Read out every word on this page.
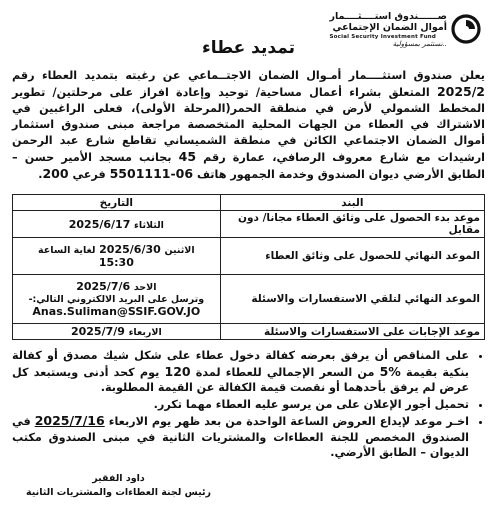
صــــــندوق استــــثــــمار
أموال الضمان الإجتماعي
Social Security Investment Fund
..نستثمر بمسؤولية
تمديد عطاء

يعلن صندوق استثــــمار أمـوال الضمان الاجتــماعي عن رغبته بتمديد العطاء رقم 2025/2 المتعلق بشراء أعمال مساحية/ توحيد وإعادة افراز على مرحلتين/ تطوير المخطط الشمولي لأرض في منطقة الحمر(المرحلة الأولى)، فعلى الراغبين في الاشتراك في العطاء من الجهات المحلية المتخصصة مراجعة مبنى صندوق استثمار أموال الضمان الاجتماعي الكائن في منطقة الشميساني تقاطع شارع عبد الرحمن ارشيدات مع شارع معروف الرصافي، عمارة رقم 45 بجانب مسجد الأمير حسن – الطابق الأرضي ديوان الصندوق وخدمة الجمهور هاتف 5501111-06 فرعي 200.

البند	التاريخ
موعد بدء الحصول على وثائق العطاء مجانا/ دون مقابل	الثلاثاء 2025/6/17
الموعد النهائي للحصول على وثائق العطاء	الاثنين 2025/6/30 لغاية الساعة
15:30

الموعد النهائي لتلقي الاستفسارات والاسئلة	الاحد 2025/7/6
وترسل على البريد الالكتروني التالي:-
Anas.Suliman@SSIF.GOV.JO

موعد الإجابات على الاستفسارات والاسئلة	الاربعاء 2025/7/9
• على المناقص أن يرفق بعرضه كفالة دخول عطاء على شكل شيك مصدق أو كفالة بنكية بقيمة 5% من السعر الإجمالي للعطاء لمدة 120 يوم كحد أدنى ويستبعد كل عرض لم يرفق بأحدهما أو نقصت قيمة الكفالة عن القيمة المطلوبة.
• تحميل أجور الإعلان على من يرسو عليه العطاء مهما تكرر.
• اخـر موعد لإيداع العروض الساعة الواحدة من بعد ظهر يوم الاربعاء 2025/7/16 في الصندوق المخصص للجنة العطاءات والمشتريات الثانية في مبنى الصندوق مكتب الديوان – الطابق الأرضي.
داود الفقير
رئيس لجنة العطاءات والمشتريات الثانية
